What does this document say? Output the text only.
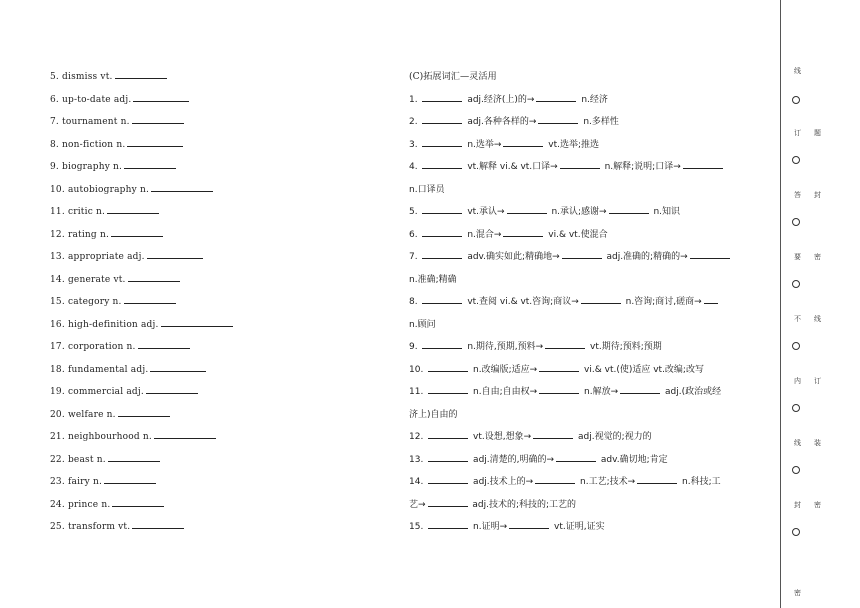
5. dismiss vt.
6. up-to-date adj.
7. tournament n.
8. non-fiction n.
9. biography n.
10. autobiography n.
11. critic n.
12. rating n.
13. appropriate adj.
14. generate vt.
15. category n.
16. high-definition adj.
17. corporation n.
18. fundamental adj.
19. commercial adj.
20. welfare n.
21. neighbourhood n.
22. beast n.
23. fairy n.
24. prince n.
25. transform vt.
(C)拓展词汇—灵活用
1.	adj.经济(上)的→	n.经济
2.	adj.各种各样的→	n.多样性
3.	n.选举→	vt.选举;推选
4.	vt.解释 vi.& vt.口译→	n.解释;说明;口译→
n.口译员
5.	vt.承认→	n.承认;感谢→	n.知识
6.	n.混合→	vi.& vt.使混合
7.	adv.确实如此;精确地→	adj.准确的;精确的→
n.准确;精确
8.	vt.查阅 vi.& vt.咨询;商议→	n.咨询;商讨,磋商→
n.顾问
9.	n.期待,预期,预料→	vt.期待;预料;预期
10.	n.改编版;适应→	vi.& vt.(使)适应 vt.改编;改写
11.	n.自由;自由权→	n.解放→	adj.(政治或经
济上)自由的
12.	vt.设想,想象→	adj.视觉的;视力的
13.	adj.清楚的,明确的→	adv.确切地;肯定
14.	adj.技术上的→	n.工艺;技术→	n.科技;工
艺→	adj.技术的;科技的;工艺的
15.	n.证明→	vt.证明,证实
线
订 题
答 封
要 密
不 线
内 订
线 装
封 密
密
